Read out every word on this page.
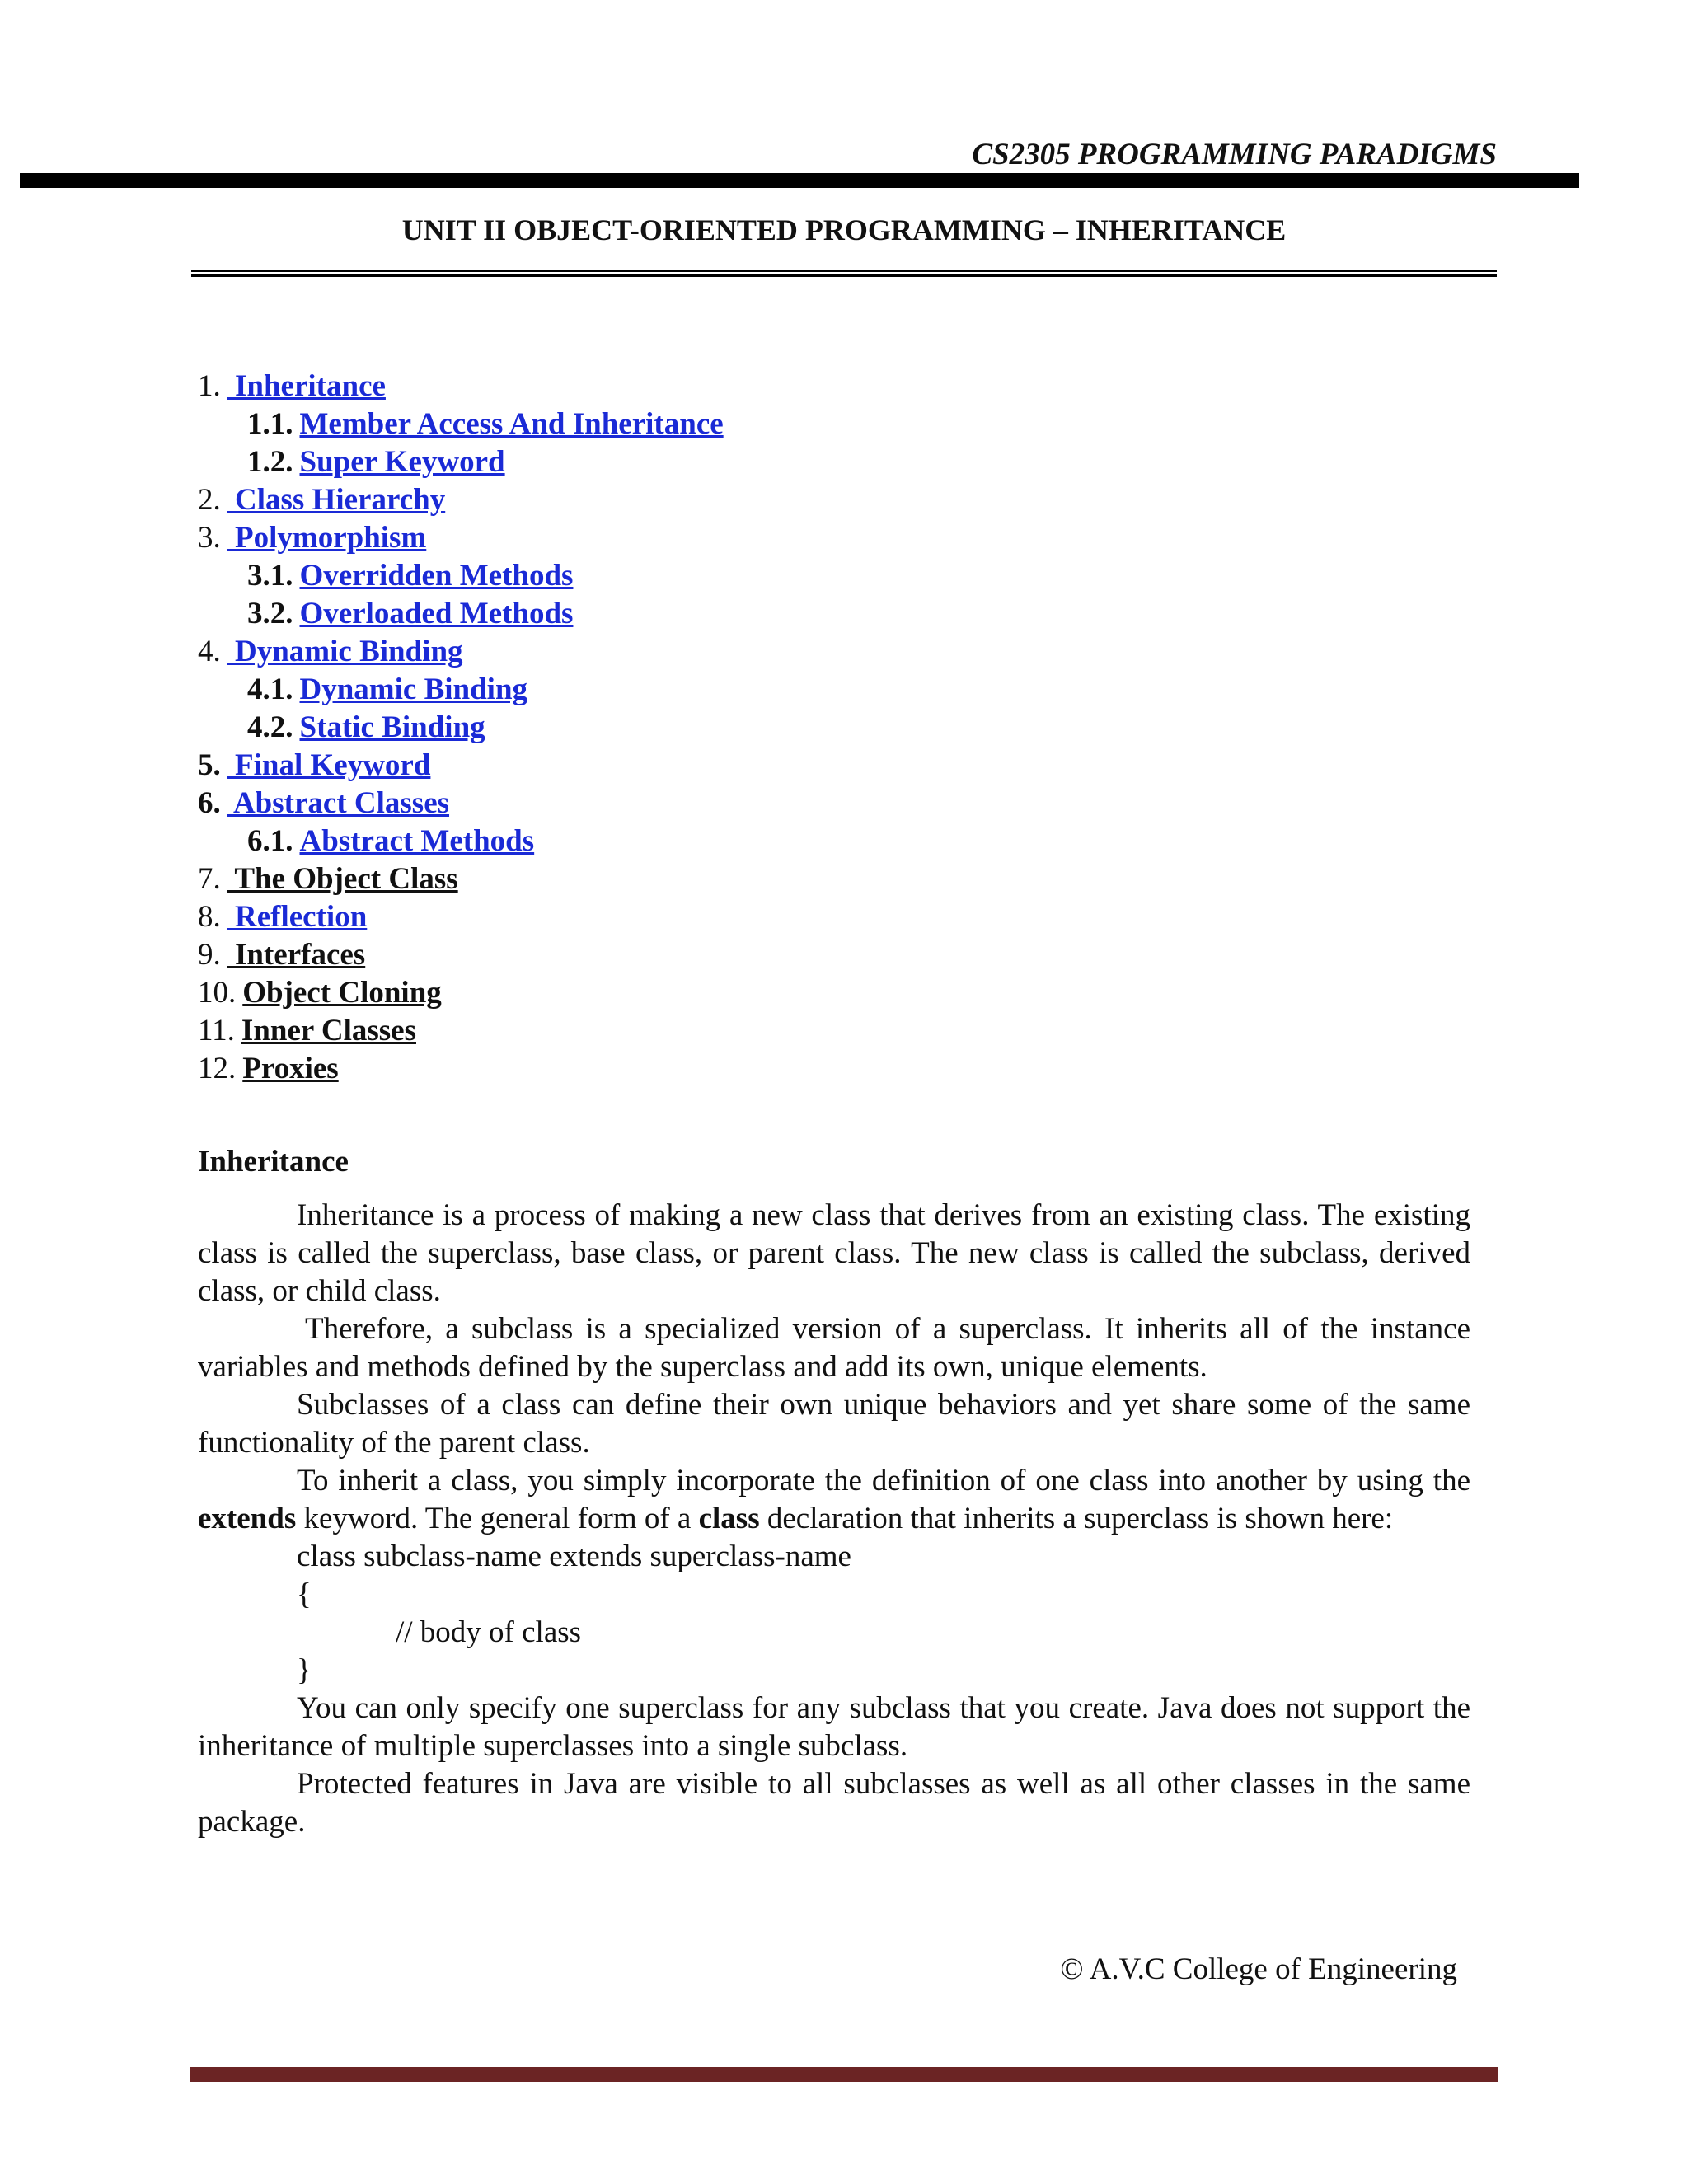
CS2305 PROGRAMMING PARADIGMS
UNIT II OBJECT-ORIENTED PROGRAMMING – INHERITANCE
1. Inheritance
1.1. Member Access And Inheritance
1.2. Super Keyword
2. Class Hierarchy
3. Polymorphism
3.1. Overridden Methods
3.2. Overloaded Methods
4. Dynamic Binding
4.1. Dynamic Binding
4.2. Static Binding
5. Final Keyword
6. Abstract Classes
6.1. Abstract Methods
7. The Object Class
8. Reflection
9. Interfaces
10. Object Cloning
11. Inner Classes
12. Proxies
Inheritance

Inheritance is a process of making a new class that derives from an existing class. The existing class is called the superclass, base class, or parent class. The new class is called the subclass, derived class, or child class.

Therefore, a subclass is a specialized version of a superclass. It inherits all of the instance variables and methods defined by the superclass and add its own, unique elements.

Subclasses of a class can define their own unique behaviors and yet share some of the same functionality of the parent class.

To inherit a class, you simply incorporate the definition of one class into another by using the extends keyword. The general form of a class declaration that inherits a superclass is shown here:

class subclass-name extends superclass-name
{
// body of class
}

You can only specify one superclass for any subclass that you create. Java does not support the inheritance of multiple superclasses into a single subclass.

Protected features in Java are visible to all subclasses as well as all other classes in the same package.

© A.V.C College of Engineering
